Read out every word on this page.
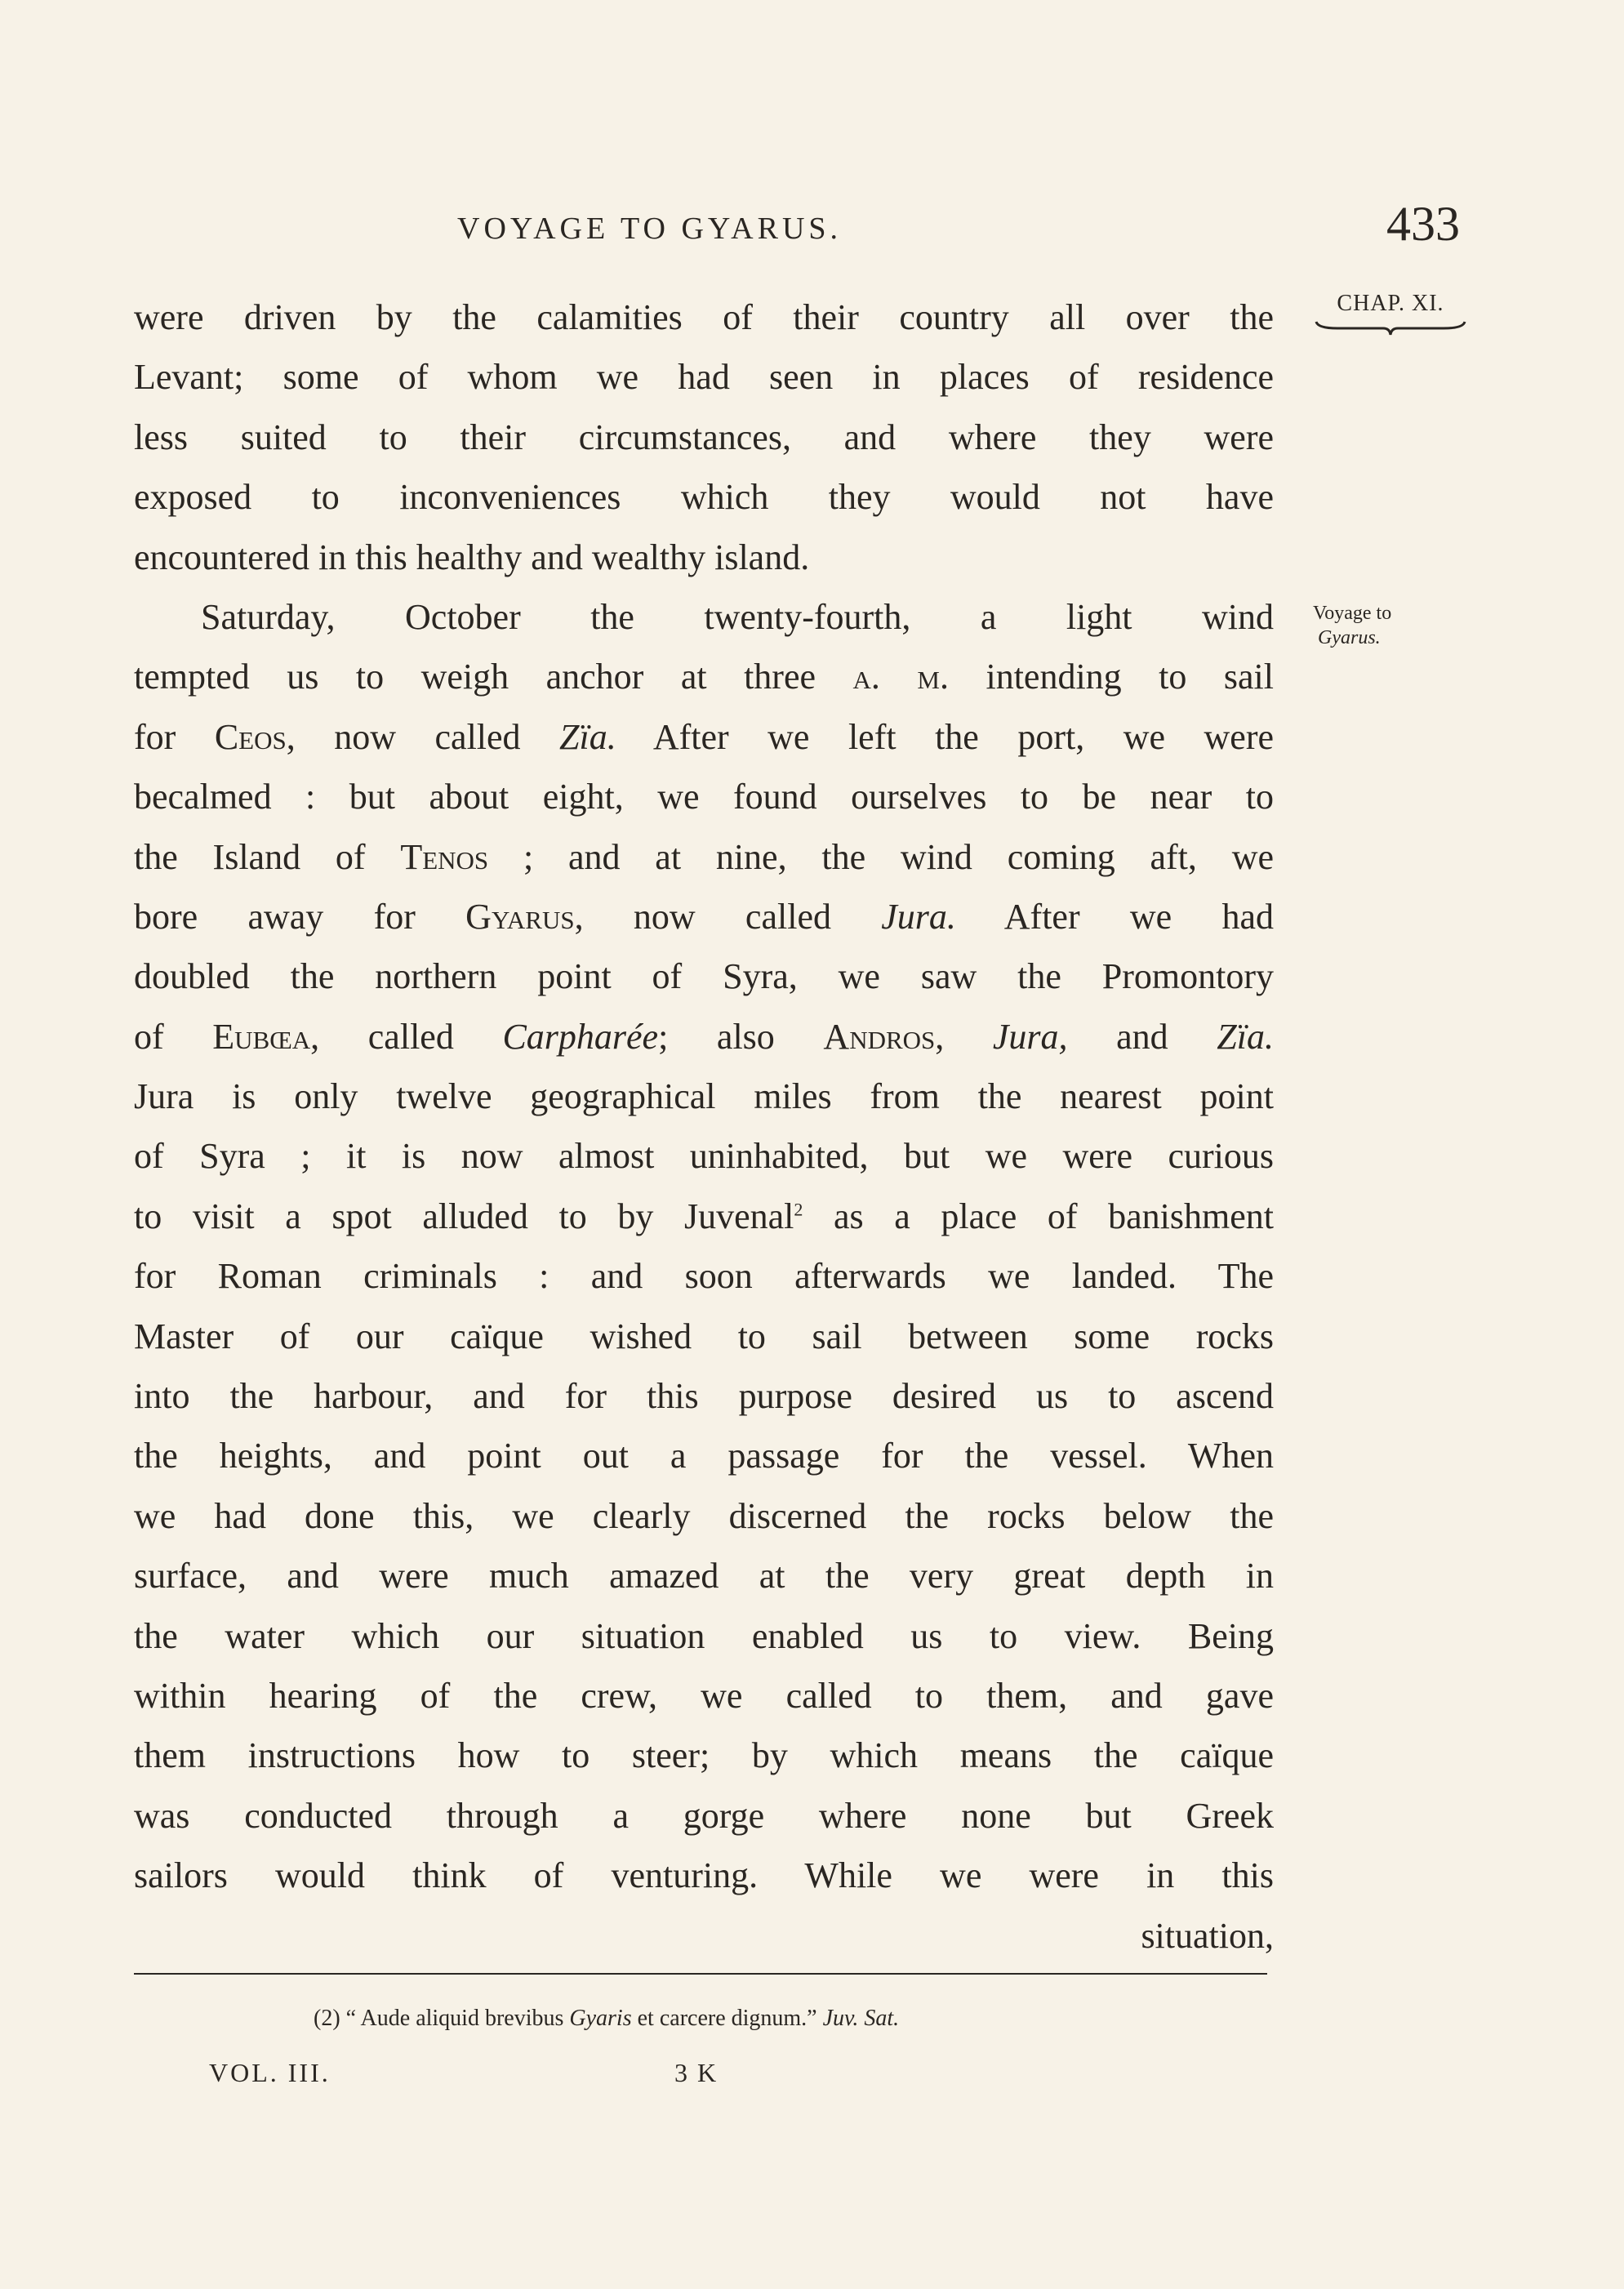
VOYAGE TO GYARUS.	433
CHAP. XI.
Voyage to
Gyarus.
were driven by the calamities of their country all over the
Levant; some of whom we had seen in places of residence
less suited to their circumstances, and where they were
exposed to inconveniences which they would not have
encountered in this healthy and wealthy island.
Saturday, October the twenty-fourth, a light wind
tempted us to weigh anchor at three a. m. intending to sail
for Ceos, now called Zïa. After we left the port, we were
becalmed : but about eight, we found ourselves to be near to
the Island of Tenos ; and at nine, the wind coming aft, we
bore away for Gyarus, now called Jura. After we had
doubled the northern point of Syra, we saw the Promontory
of Eubœa, called Carpharée; also Andros, Jura, and Zïa.
Jura is only twelve geographical miles from the nearest point
of Syra ; it is now almost uninhabited, but we were curious
to visit a spot alluded to by Juvenal$^2$ as a place of banishment
for Roman criminals : and soon afterwards we landed. The
Master of our caïque wished to sail between some rocks
into the harbour, and for this purpose desired us to ascend
the heights, and point out a passage for the vessel. When
we had done this, we clearly discerned the rocks below the
surface, and were much amazed at the very great depth in
the water which our situation enabled us to view. Being
within hearing of the crew, we called to them, and gave
them instructions how to steer; by which means the caïque
was conducted through a gorge where none but Greek
sailors would think of venturing. While we were in this
situation,
(2) “ Aude aliquid brevibus Gyaris et carcere dignum.” Juv. Sat.
VOL. III.	3 K
